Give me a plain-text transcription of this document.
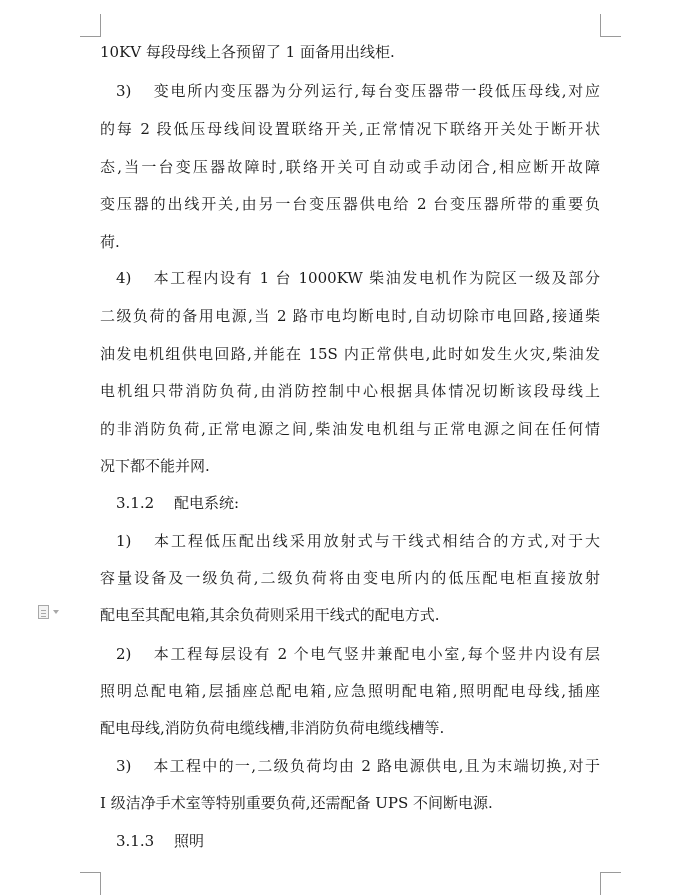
10KV 每段母线上各预留了 1 面备用出线柜.
3) 变电所内变压器为分列运行,每台变压器带一段低压母线,对应
的每 2 段低压母线间设置联络开关,正常情况下联络开关处于断开状
态,当一台变压器故障时,联络开关可自动或手动闭合,相应断开故障
变压器的出线开关,由另一台变压器供电给 2 台变压器所带的重要负
荷.
4) 本工程内设有 1 台 1000KW 柴油发电机作为院区一级及部分
二级负荷的备用电源,当 2 路市电均断电时,自动切除市电回路,接通柴
油发电机组供电回路,并能在 15S 内正常供电,此时如发生火灾,柴油发
电机组只带消防负荷,由消防控制中心根据具体情况切断该段母线上
的非消防负荷,正常电源之间,柴油发电机组与正常电源之间在任何情
况下都不能并网.
3.1.2 配电系统:
1) 本工程低压配出线采用放射式与干线式相结合的方式,对于大
容量设备及一级负荷,二级负荷将由变电所内的低压配电柜直接放射
配电至其配电箱,其余负荷则采用干线式的配电方式.
2) 本工程每层设有 2 个电气竖井兼配电小室,每个竖井内设有层
照明总配电箱,层插座总配电箱,应急照明配电箱,照明配电母线,插座
配电母线,消防负荷电缆线槽,非消防负荷电缆线槽等.
3) 本工程中的一,二级负荷均由 2 路电源供电,且为末端切换,对于
I 级洁净手术室等特别重要负荷,还需配备 UPS 不间断电源.
3.1.3 照明
